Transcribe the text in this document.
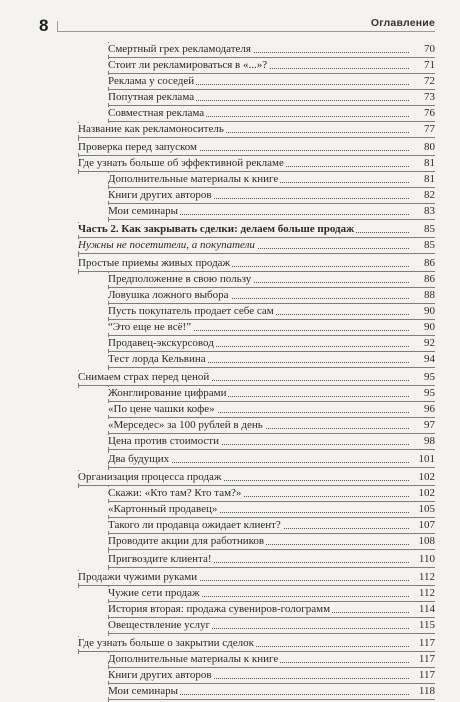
8	Оглавление
Смертный грех рекламодателя	70
Стоит ли рекламироваться в «...»?	71
Реклама у соседей	72
Попутная реклама	73
Совместная реклама	76
Название как рекламоноситель	77
Проверка перед запуском	80
Где узнать больше об эффективной рекламе	81
Дополнительные материалы к книге	81
Книги других авторов	82
Мои семинары	83
Часть 2. Как закрывать сделки: делаем больше продаж	85
Нужны не посетители, а покупатели	85
Простые приемы живых продаж	86
Предположение в свою пользу	86
Ловушка ложного выбора	88
Пусть покупатель продает себе сам	90
“Это еще не всё!”	90
Продавец-экскурсовод	92
Тест лорда Кельвина	94
Снимаем страх перед ценой	95
Жонглирование цифрами	95
«По цене чашки кофе»	96
«Мерседес» за 100 рублей в день	97
Цена против стоимости	98
Два будущих	101
Организация процесса продаж	102
Скажи: «Кто там? Кто там?»	102
«Картонный продавец»	105
Такого ли продавца ожидает клиент?	107
Проводите акции для работников	108
Пригвоздите клиента!	110
Продажи чужими руками	112
Чужие сети продаж	112
История вторая: продажа сувениров-голограмм	114
Овеществление услуг	115
Где узнать больше о закрытии сделок	117
Дополнительные материалы к книге	117
Книги других авторов	117
Мои семинары	118
